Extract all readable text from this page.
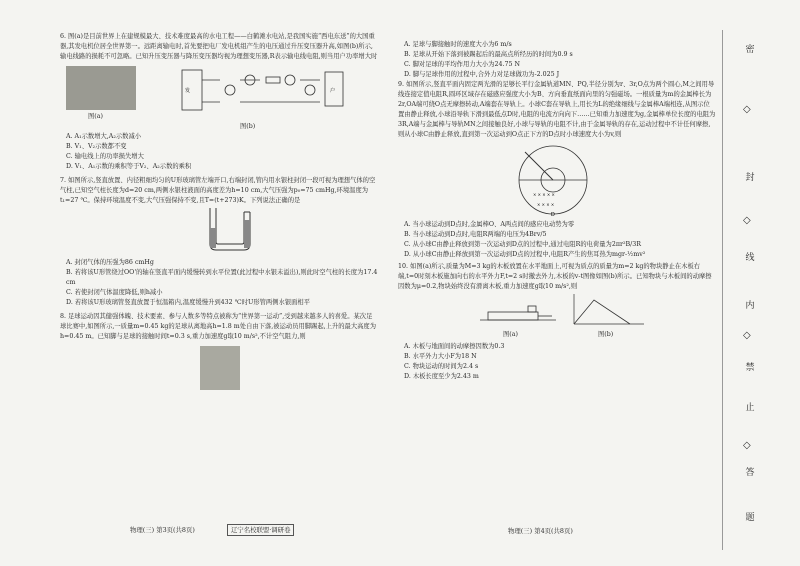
6. 图(a)是目前世界上在建规模最大、技术难度最高的水电工程——白鹤滩水电站,是我国实施“西电东送”的大国重器,其发电机位居全世界第一。远距离输电时,首先要把电厂发电机组产生的电压通过升压变压器升高,如图(b)所示,输电线路的损耗不可忽略。已知升压变压器与降压变压器均视为理想变压器,R表示输电线电阻,则当用户功率增大时

图(a)
发	户
图(b)

A. A₁示数增大,A₂示数减小

B. V₁、V₂示数都不变

C. 输电线上的功率损失增大

D. V₁、A₁示数的乘积等于V₂、A₂示数的乘积

7. 如图所示,竖直放置、内径粗细均匀的U形玻璃管左端开口,右端封闭,管内用水银柱封闭一段可视为理想气体的空气柱,已知空气柱长度为d=20 cm,两侧水银柱液面的高度差为h=10 cm,大气压强为p₀=75 cmHg,环境温度为t₁=27 ℃。保持环境温度不变,大气压强保持不变,且T=(t+273)K。下列说法正确的是

A. 封闭气体的压强为86 cmHg

B. 若将该U形管绕过OO'的轴在竖直平面内缓慢转到水平位置(此过程中水银未溢出),则此时空气柱的长度为17.4 cm

C. 若使封闭气体温度降低,则h减小

D. 若将该U形玻璃管竖直放置于恒温箱内,温度缓慢升到432 ℃时U形管两侧水银面相平

8. 足球运动因其健强体魄、技术要素、参与人数多等特点被称为“世界第一运动”,受到越来越多人的喜爱。某次足球比赛中,如图所示,一质量m=0.45 kg的足球从离地高h=1.8 m处自由下落,被运动员用脚踢起,上升的最大高度为h=0.45 m。已知脚与足球的接触时间t=0.3 s,重力加速度g取10 m/s²,不计空气阻力,则

物理(三) 第3页(共8页)	辽宁名校联盟·调研卷

A. 足球与脚接触时的速度大小为6 m/s

B. 足球从开始下落到被踢起后的最高点所经历的时间为0.9 s

C. 脚对足球的平均作用力大小为24.75 N

D. 脚与足球作用的过程中,合外力对足球做功为-2.025 J

9. 如图所示,竖直平面内固定两光滑的足够长平行金属轨道MN、PQ,半径分别为r、3r,O点为两个圆心,M之间用导线连接定值电阻R,圆环区域存在磁感应强度大小为B、方向垂直纸面向里的匀强磁场。一根质量为m的金属棒长为2r,OA端可绕O点无摩擦转动,A端套在导轨上。小球C套在导轨上,用长为L的绝缘细线与金属棒A端相连,从图示位置由静止释放,小球沿导轨下滑到最低点D时,电阻的电流方向向下……已知重力加速度为g,金属棒单位长度的电阻为3R,A端与金属棒与导轨MN之间接触良好,小球与导轨的电阻不计,由于金属导轨的存在,运动过程中不计任何摩擦,则从小球C由静止释放,直到第一次运动到O点正下方的D点时小球速度大小为v,则

× × × × ×
× × × ×
D

A. 当小球运动到D点时,金属棒O、A两点间的感应电动势为零

B. 当小球运动到D点时,电阻R两端的电压为4Brv/5

C. 从小球C由静止释放到第一次运动到D点的过程中,通过电阻R的电荷量为2πr²B/3R

D. 从小球C由静止释放到第一次运动到D点的过程中,电阻R产生的焦耳热为mgr-½mv²

10. 如图(a)所示,质量为M=3 kg的木板放置在水平地面上,可视为质点的质量为m=2 kg的物块静止在木板右端,t=0时刻木板施加向右的水平外力F,t=2 s时撤去外力,木板的v-t图像如图(b)所示。已知物块与木板间的动摩擦因数为μ=0.2,物块始终没有滑离木板,重力加速度g取10 m/s²,则

图(a)	图(b)

A. 木板与地面间的动摩擦因数为0.3

B. 水平外力大小F为18 N

C. 物块运动的时间为2.4 s

D. 木板长度至少为2.43 m

物理(三) 第4页(共8页)
密
◇
封
◇
线
内
◇
禁
止
◇
答
题
